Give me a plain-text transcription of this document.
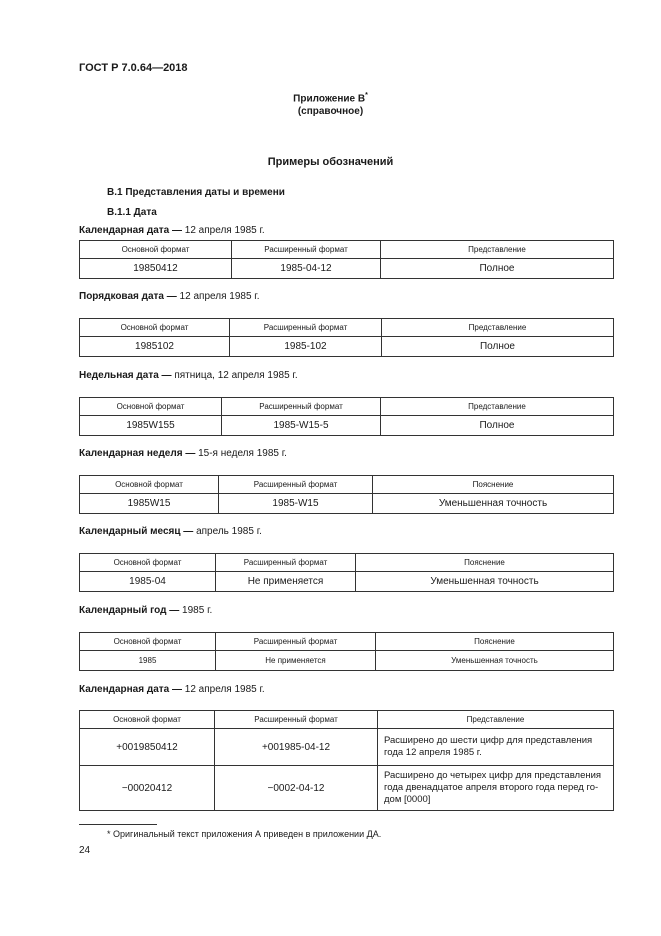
ГОСТ Р 7.0.64—2018
Приложение В*
(справочное)
Примеры обозначений
В.1 Представления даты и времени
В.1.1 Дата
Календарная дата — 12 апреля 1985 г.
Основной формат	Расширенный формат	Представление
19850412	1985-04-12	Полное
Порядковая дата — 12 апреля 1985 г.
Основной формат	Расширенный формат	Представление
1985102	1985-102	Полное
Недельная дата — пятница, 12 апреля 1985 г.
Основной формат	Расширенный формат	Представление
1985W155	1985-W15-5	Полное
Календарная неделя — 15-я неделя 1985 г.
Основной формат	Расширенный формат	Пояснение
1985W15	1985-W15	Уменьшенная точность
Календарный месяц — апрель 1985 г.
Основной формат	Расширенный формат	Пояснение
1985-04	Не применяется	Уменьшенная точность
Календарный год — 1985 г.
Основной формат	Расширенный формат	Пояснение
1985	Не применяется	Уменьшенная точность
Календарная дата — 12 апреля 1985 г.
Основной формат	Расширенный формат	Представление
+0019850412	+001985-04-12	Расширено до шести цифр для представления года 12 апреля 1985 г.
−00020412	−0002-04-12	Расширено до четырех цифр для представления года двенадцатое апреля второго года перед го-дом [0000]
* Оригинальный текст приложения А приведен в приложении ДА.
24
